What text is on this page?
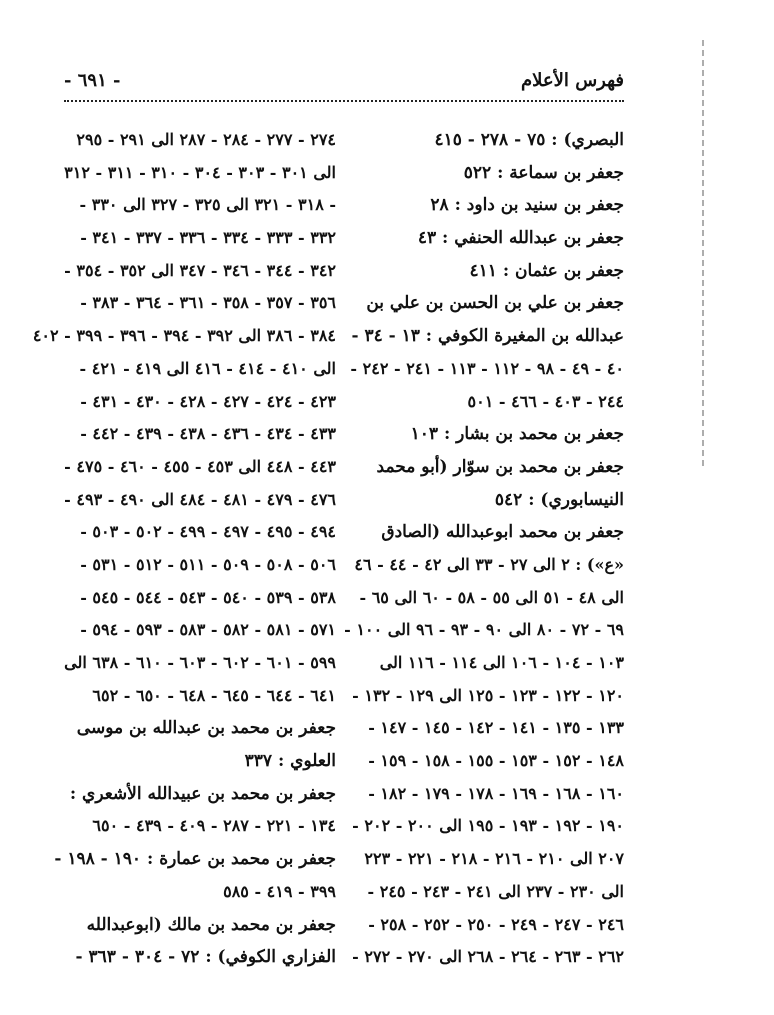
فهرس الأعلام
- ٦٩١ -
البصري) : ٧٥ - ٢٧٨ - ٤١٥
جعفر بن سماعة : ٥٢٢
جعفر بن سنيد بن داود : ٢٨
جعفر بن عبدالله الحنفي : ٤٣
جعفر بن عثمان : ٤١١
جعفر بن علي بن الحسن بن علي بن
عبدالله بن المغيرة الكوفي : ١٣ - ٣٤ -
٤٠ - ٤٩ - ٩٨ - ١١٢ - ١١٣ - ٢٤١ - ٢٤٢ -
٢٤٤ - ٤٠٣ - ٤٦٦ - ٥٠١
جعفر بن محمد بن بشار : ١٠٣
جعفر بن محمد بن سوّار (أبو محمد
النيسابوري) : ٥٤٢
جعفر بن محمد ابوعبدالله (الصادق
«ع») : ٢ الى ٢٧ - ٣٣ الى ٤٢ - ٤٤ - ٤٦
الى ٤٨ - ٥١ الى ٥٥ - ٥٨ - ٦٠ الى ٦٥ -
٦٩ - ٧٢ - ٨٠ الى ٩٠ - ٩٣ - ٩٦ الى ١٠٠ -
١٠٣ - ١٠٤ - ١٠٦ الى ١١٤ - ١١٦ الى
١٢٠ - ١٢٢ - ١٢٣ - ١٢٥ الى ١٢٩ - ١٣٢ -
١٣٣ - ١٣٥ - ١٤١ - ١٤٢ - ١٤٥ - ١٤٧ -
١٤٨ - ١٥٢ - ١٥٣ - ١٥٥ - ١٥٨ - ١٥٩ -
١٦٠ - ١٦٨ - ١٦٩ - ١٧٨ - ١٧٩ - ١٨٢ -
١٩٠ - ١٩٢ - ١٩٣ - ١٩٥ الى ٢٠٠ - ٢٠٢ -
٢٠٧ الى ٢١٠ - ٢١٦ - ٢١٨ - ٢٢١ - ٢٢٣
الى ٢٣٠ - ٢٣٧ الى ٢٤١ - ٢٤٣ - ٢٤٥ -
٢٤٦ - ٢٤٧ - ٢٤٩ - ٢٥٠ - ٢٥٢ - ٢٥٨ -
٢٦٢ - ٢٦٣ - ٢٦٤ - ٢٦٨ الى ٢٧٠ - ٢٧٢ -
٢٧٤ - ٢٧٧ - ٢٨٤ - ٢٨٧ الى ٢٩١ - ٢٩٥
الى ٣٠١ - ٣٠٣ - ٣٠٤ - ٣١٠ - ٣١١ - ٣١٢
- ٣١٨ - ٣٢١ الى ٣٢٥ - ٣٢٧ الى ٣٣٠ -
٣٣٢ - ٣٣٣ - ٣٣٤ - ٣٣٦ - ٣٣٧ - ٣٤١ -
٣٤٢ - ٣٤٤ - ٣٤٦ - ٣٤٧ الى ٣٥٢ - ٣٥٤ -
٣٥٦ - ٣٥٧ - ٣٥٨ - ٣٦١ - ٣٦٤ - ٣٨٣ -
٣٨٤ - ٣٨٦ الى ٣٩٢ - ٣٩٤ - ٣٩٦ - ٣٩٩ - ٤٠٢
الى ٤١٠ - ٤١٤ - ٤١٦ الى ٤١٩ - ٤٢١ -
٤٢٣ - ٤٢٤ - ٤٢٧ - ٤٢٨ - ٤٣٠ - ٤٣١ -
٤٣٣ - ٤٣٤ - ٤٣٦ - ٤٣٨ - ٤٣٩ - ٤٤٢ -
٤٤٣ - ٤٤٨ الى ٤٥٣ - ٤٥٥ - ٤٦٠ - ٤٧٥ -
٤٧٦ - ٤٧٩ - ٤٨١ - ٤٨٤ الى ٤٩٠ - ٤٩٣ -
٤٩٤ - ٤٩٥ - ٤٩٧ - ٤٩٩ - ٥٠٢ - ٥٠٣ -
٥٠٦ - ٥٠٨ - ٥٠٩ - ٥١١ - ٥١٢ - ٥٣١ -
٥٣٨ - ٥٣٩ - ٥٤٠ - ٥٤٣ - ٥٤٤ - ٥٤٥ -
٥٧١ - ٥٨١ - ٥٨٢ - ٥٨٣ - ٥٩٣ - ٥٩٤ -
٥٩٩ - ٦٠١ - ٦٠٢ - ٦٠٣ - ٦١٠ - ٦٣٨ الى
٦٤١ - ٦٤٤ - ٦٤٥ - ٦٤٨ - ٦٥٠ - ٦٥٢
جعفر بن محمد بن عبدالله بن موسى
العلوي : ٣٣٧
جعفر بن محمد بن عبيدالله الأشعري :
١٣٤ - ٢٢١ - ٢٨٧ - ٤٠٩ - ٤٣٩ - ٦٥٠
جعفر بن محمد بن عمارة : ١٩٠ - ١٩٨ -
٣٩٩ - ٤١٩ - ٥٨٥
جعفر بن محمد بن مالك (ابوعبدالله
الفزاري الكوفي) : ٧٢ - ٣٠٤ - ٣٦٣ -
